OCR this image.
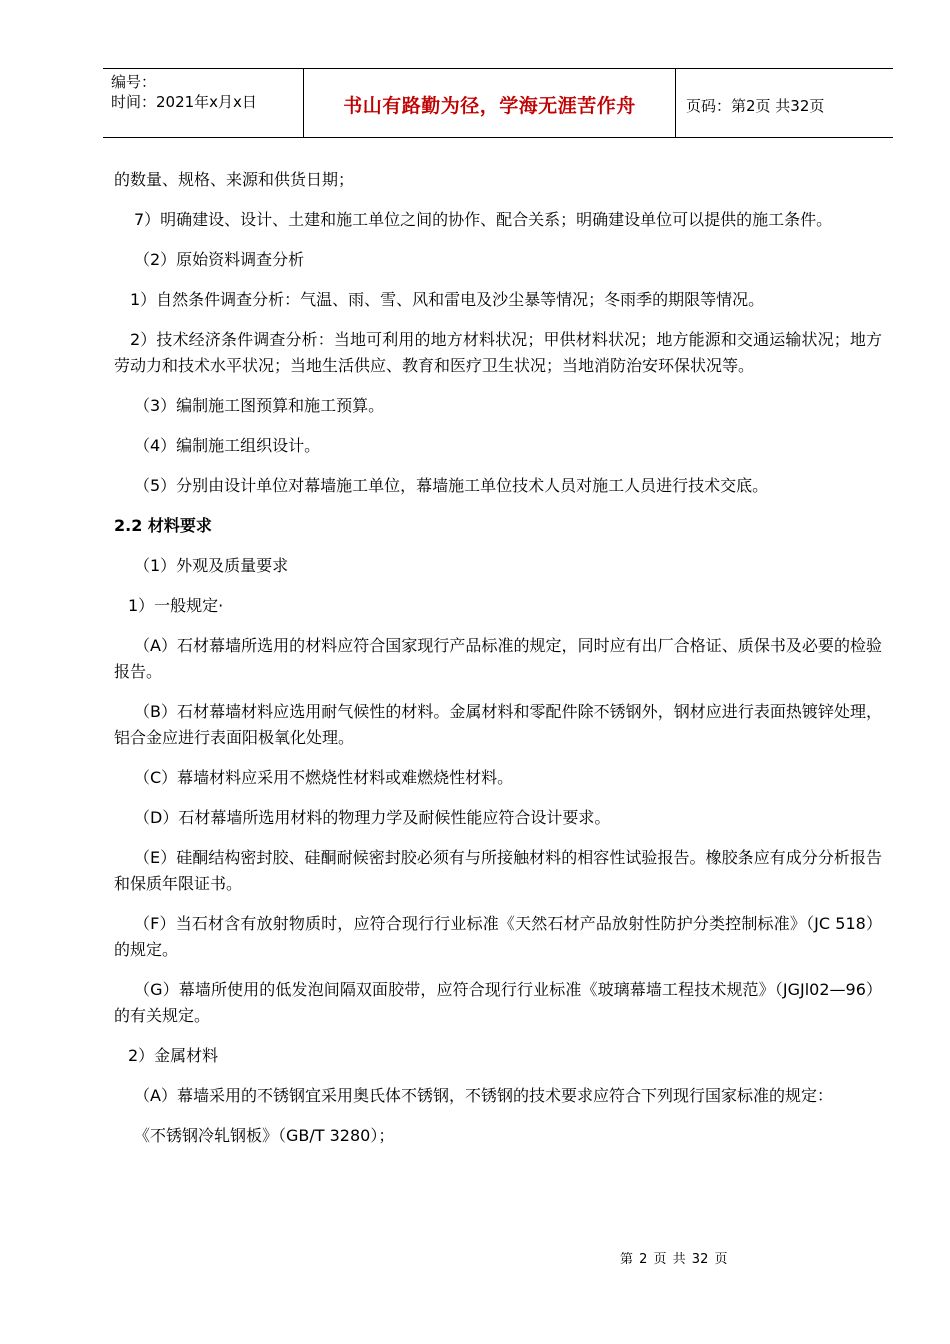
编号：
时间：2021年x月x日	书山有路勤为径，学海无涯苦作舟	页码：第2页 共32页

的数量、规格、来源和供货日期；

7）明确建设、设计、土建和施工单位之间的协作、配合关系；明确建设单位可以提供的施工条件。

（2）原始资料调查分析

1）自然条件调查分析：气温、雨、雪、风和雷电及沙尘暴等情况；冬雨季的期限等情况。

2）技术经济条件调查分析：当地可利用的地方材料状况；甲供材料状况；地方能源和交通运输状况；地方劳动力和技术水平状况；当地生活供应、教育和医疗卫生状况；当地消防治安环保状况等。

（3）编制施工图预算和施工预算。

（4）编制施工组织设计。

（5）分别由设计单位对幕墙施工单位，幕墙施工单位技术人员对施工人员进行技术交底。

2.2 材料要求

（1）外观及质量要求

1）一般规定·

（A）石材幕墙所选用的材料应符合国家现行产品标准的规定，同时应有出厂合格证、质保书及必要的检验报告。

（B）石材幕墙材料应选用耐气候性的材料。金属材料和零配件除不锈钢外，钢材应进行表面热镀锌处理，铝合金应进行表面阳极氧化处理。

（C）幕墙材料应采用不燃烧性材料或难燃烧性材料。

（D）石材幕墙所选用材料的物理力学及耐候性能应符合设计要求。

（E）硅酮结构密封胶、硅酮耐候密封胶必须有与所接触材料的相容性试验报告。橡胶条应有成分分析报告和保质年限证书。

（F）当石材含有放射物质时，应符合现行行业标准《天然石材产品放射性防护分类控制标准》（JC 518）的规定。

（G）幕墙所使用的低发泡间隔双面胶带，应符合现行行业标准《玻璃幕墙工程技术规范》（JGJl02—96）的有关规定。

2）金属材料

（A）幕墙采用的不锈钢宜采用奥氏体不锈钢，不锈钢的技术要求应符合下列现行国家标准的规定：

《不锈钢冷轧钢板》（GB/T 3280）；

第 2 页 共 32 页
